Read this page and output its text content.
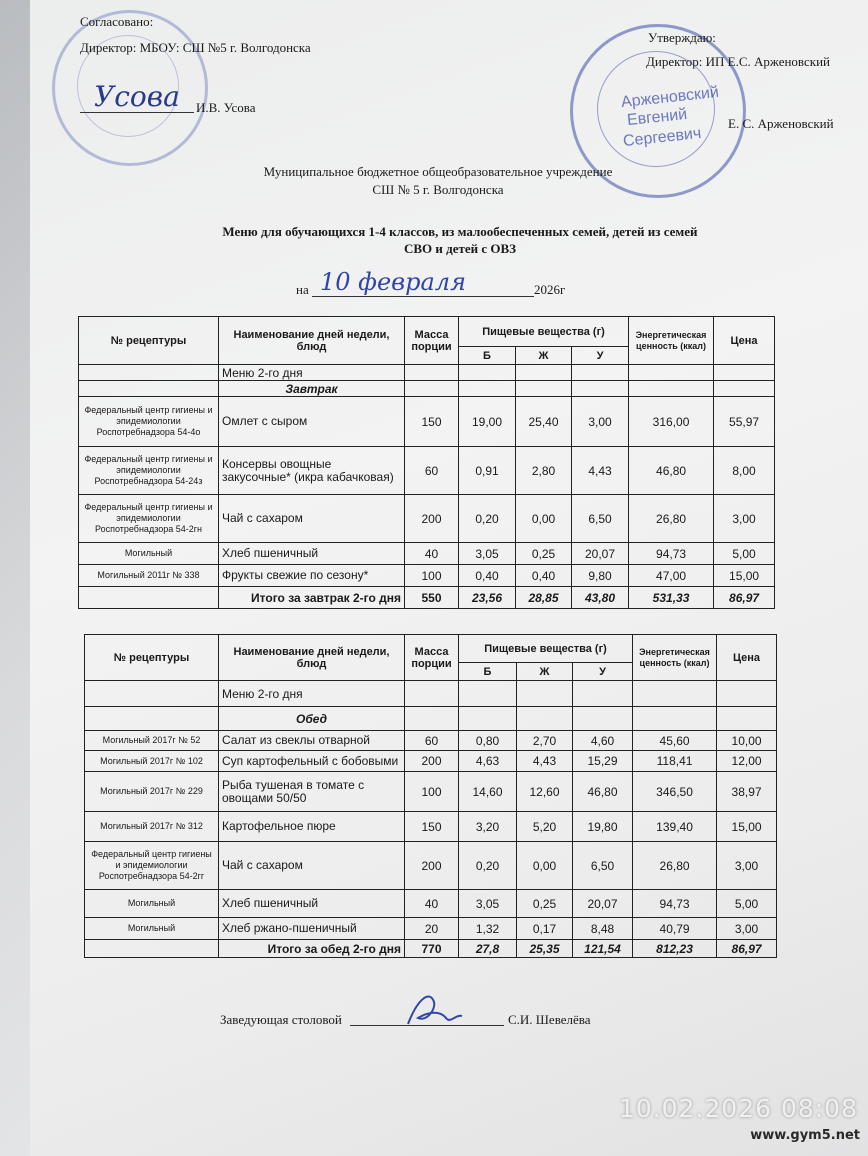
Арженовский
Евгений
Сергеевич
Согласовано:
Директор: МБОУ: СШ №5 г. Волгодонска
Усова И.В. Усова
Утверждаю:
Директор: ИП Е.С. Арженовский
Е. С. Арженовский
Муниципальное бюджетное общеобразовательное учреждение
СШ № 5 г. Волгодонска
Меню для обучающихся 1-4 классов, из малообеспеченных семей, детей из семей
СВО и детей с ОВЗ
на 10 февраля	2026г
№ рецептуры	Наименование дней недели, блюд	Масса порции	Пищевые вещества (г)			Энергетическая ценность (ккал)	Цена
			Б	Ж	У		
	Меню 2-го дня						
	Завтрак						
Федеральный центр гигиены и эпидемиологии Роспотребнадзора 54-4о	Омлет с сыром	150	19,00	25,40	3,00	316,00	55,97
Федеральный центр гигиены и эпидемиологии Роспотребнадзора 54-24з	Консервы овощные закусочные* (икра кабачковая)	60	0,91	2,80	4,43	46,80	8,00
Федеральный центр гигиены и эпидемиологии Роспотребнадзора 54-2гн	Чай с сахаром	200	0,20	0,00	6,50	26,80	3,00
Могильный	Хлеб пшеничный	40	3,05	0,25	20,07	94,73	5,00
Могильный 2011г № 338	Фрукты свежие по сезону*	100	0,40	0,40	9,80	47,00	15,00
	Итого за завтрак 2-го дня	550	23,56	28,85	43,80	531,33	86,97
№ рецептуры	Наименование дней недели, блюд	Масса порции	Пищевые вещества (г)			Энергетическая ценность (ккал)	Цена
			Б	Ж	У		
	Меню 2-го дня						
	Обед						
Могильный 2017г № 52	Салат из свеклы отварной	60	0,80	2,70	4,60	45,60	10,00
Могильный 2017г № 102	Суп картофельный с бобовыми	200	4,63	4,43	15,29	118,41	12,00
Могильный 2017г № 229	Рыба тушеная в томате с овощами 50/50	100	14,60	12,60	46,80	346,50	38,97
Могильный 2017г № 312	Картофельное пюре	150	3,20	5,20	19,80	139,40	15,00
Федеральный центр гигиены и эпидемиологии Роспотребнадзора 54-2гг	Чай с сахаром	200	0,20	0,00	6,50	26,80	3,00
Могильный	Хлеб пшеничный	40	3,05	0,25	20,07	94,73	5,00
Могильный	Хлеб ржано-пшеничный	20	1,32	0,17	8,48	40,79	3,00
	Итого за обед 2-го дня	770	27,8	25,35	121,54	812,23	86,97
Заведующая столовой	С.И. Шевелёва
10.02.2026 08:08
www.gym5.net
